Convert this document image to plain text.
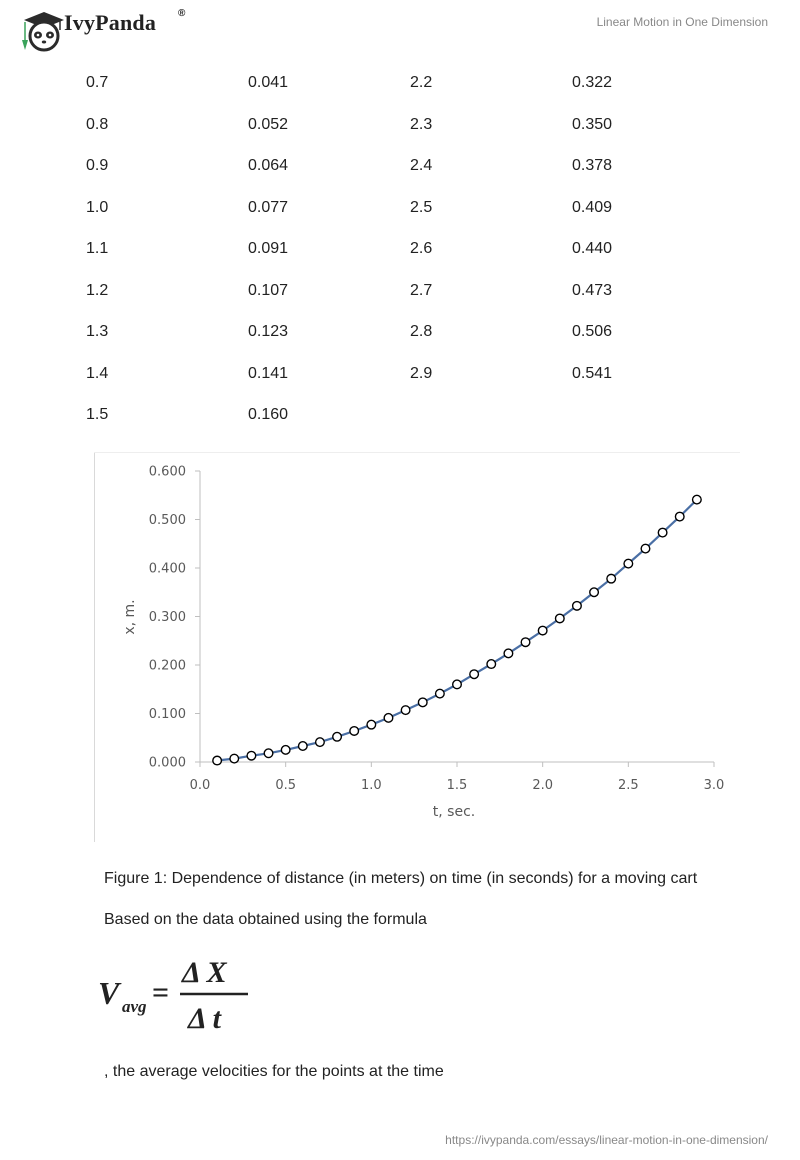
IvyPanda ®
Linear Motion in One Dimension
0.7	0.041	2.2	0.322
0.8	0.052	2.3	0.350
0.9	0.064	2.4	0.378
1.0	0.077	2.5	0.409
1.1	0.091	2.6	0.440
1.2	0.107	2.7	0.473
1.3	0.123	2.8	0.506
1.4	0.141	2.9	0.541
1.5	0.160
0.000
0.100
0.200
0.300
0.400
0.500
0.600
0.0	0.5	1.0	1.5	2.0	2.5	3.0
t, sec.
x, m.
Figure 1: Dependence of distance (in meters) on time (in seconds) for a moving cart
Based on the data obtained using the formula
V avg =
Δ X
Δ t
, the average velocities for the points at the time
https://ivypanda.com/essays/linear-motion-in-one-dimension/
